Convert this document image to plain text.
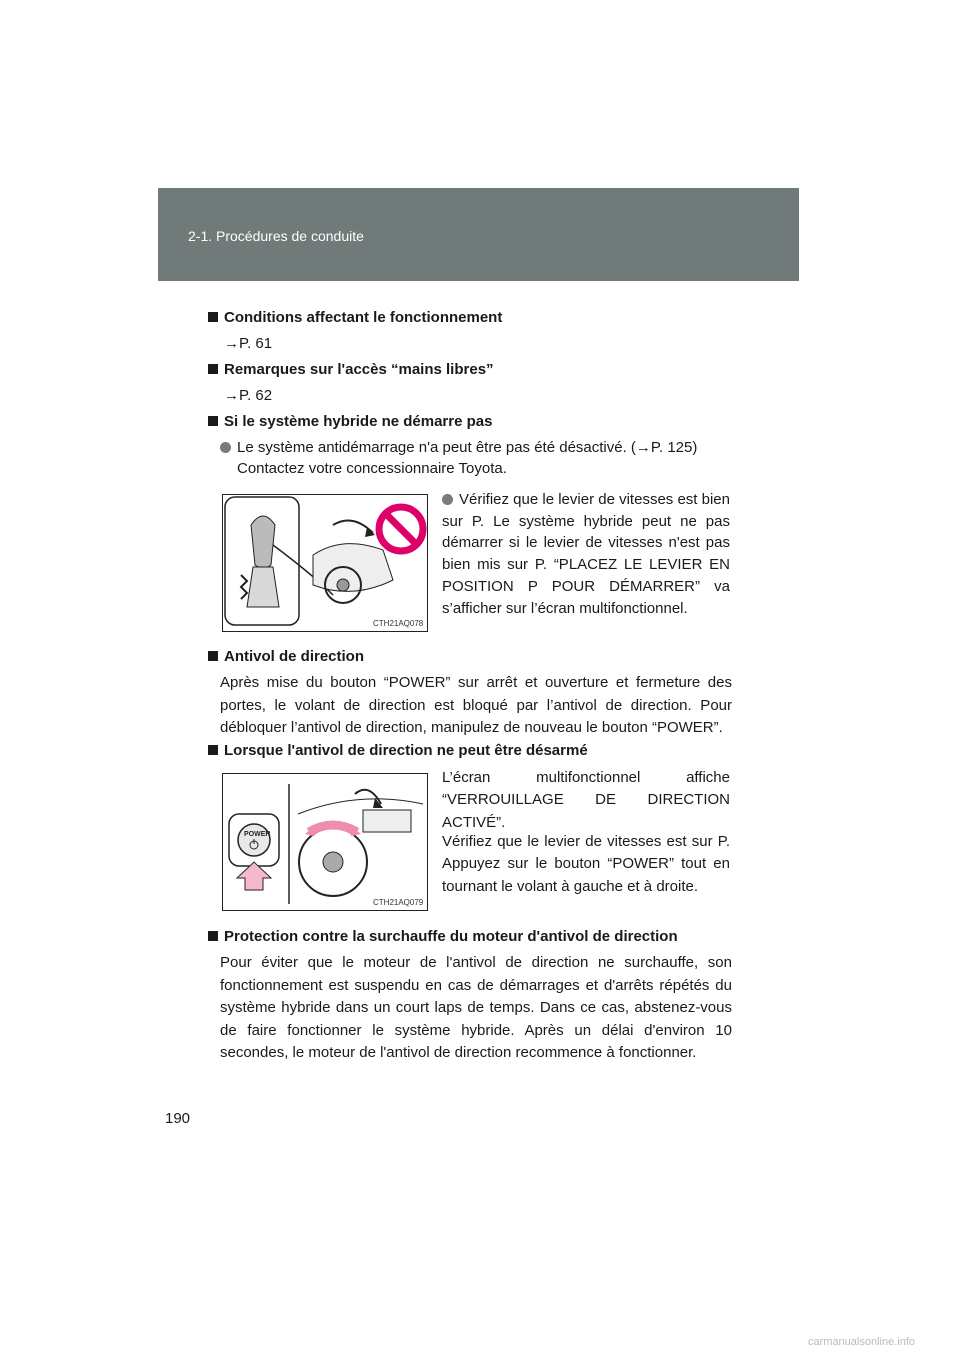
2-1. Procédures de conduite
Conditions affectant le fonctionnement
→P. 61
Remarques sur l'accès “mains libres”
→P. 62
Si le système hybride ne démarre pas
Le système antidémarrage n'a peut être pas été désactivé. (→P. 125)
Contactez votre concessionnaire Toyota.
CTH21AQ078
Vérifiez que le levier de vitesses est bien sur P. Le système hybride peut ne pas démarrer si le levier de vitesses n'est pas bien mis sur P. “PLACEZ LE LEVIER EN POSITION P POUR DÉMARRER” va s’afficher sur l’écran multifonctionnel.
Antivol de direction
Après mise du bouton “POWER” sur arrêt et ouverture et fermeture des portes, le volant de direction est bloqué par l’antivol de direction. Pour débloquer l’antivol de direction, manipulez de nouveau le bouton “POWER”.
Lorsque l'antivol de direction ne peut être désarmé
POWER
CTH21AQ079
L’écran multifonctionnel affiche “VERROUILLAGE DE DIRECTION ACTIVÉ”.
Vérifiez que le levier de vitesses est sur P. Appuyez sur le bouton “POWER” tout en tournant le volant à gauche et à droite.
Protection contre la surchauffe du moteur d'antivol de direction
Pour éviter que le moteur de l'antivol de direction ne surchauffe, son fonctionnement est suspendu en cas de démarrages et d'arrêts répétés du système hybride dans un court laps de temps. Dans ce cas, abstenez-vous de faire fonctionner le système hybride. Après un délai d'environ 10 secondes, le moteur de l'antivol de direction recommence à fonctionner.
190
carmanualsonline.info
